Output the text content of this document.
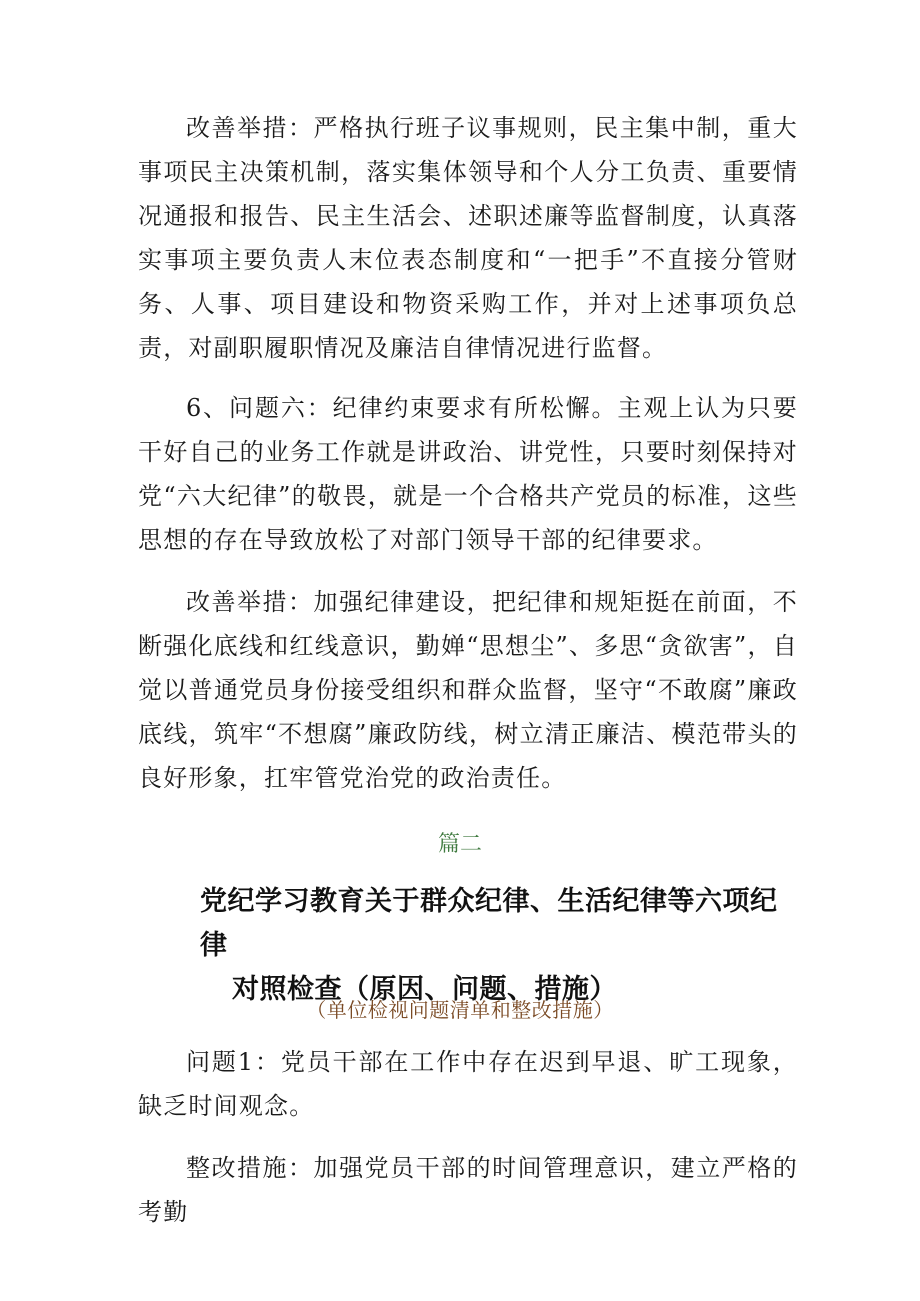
改善举措：严格执行班子议事规则，民主集中制，重大事项民主决策机制，落实集体领导和个人分工负责、重要情况通报和报告、民主生活会、述职述廉等监督制度，认真落实事项主要负责人末位表态制度和“一把手”不直接分管财务、人事、项目建设和物资采购工作，并对上述事项负总责，对副职履职情况及廉洁自律情况进行监督。

6、问题六：纪律约束要求有所松懈。主观上认为只要干好自己的业务工作就是讲政治、讲党性，只要时刻保持对党“六大纪律”的敬畏，就是一个合格共产党员的标准，这些思想的存在导致放松了对部门领导干部的纪律要求。

改善举措：加强纪律建设，把纪律和规矩挺在前面，不断强化底线和红线意识，勤婵“思想尘”、多思“贪欲害”，自觉以普通党员身份接受组织和群众监督，坚守“不敢腐”廉政底线，筑牢“不想腐”廉政防线，树立清正廉洁、模范带头的良好形象，扛牢管党治党的政治责任。

篇二

党纪学习教育关于群众纪律、生活纪律等六项纪律
对照检查（原因、问题、措施）

（单位检视问题清单和整改措施）

问题1：党员干部在工作中存在迟到早退、旷工现象，缺乏时间观念。

整改措施：加强党员干部的时间管理意识，建立严格的考勤
